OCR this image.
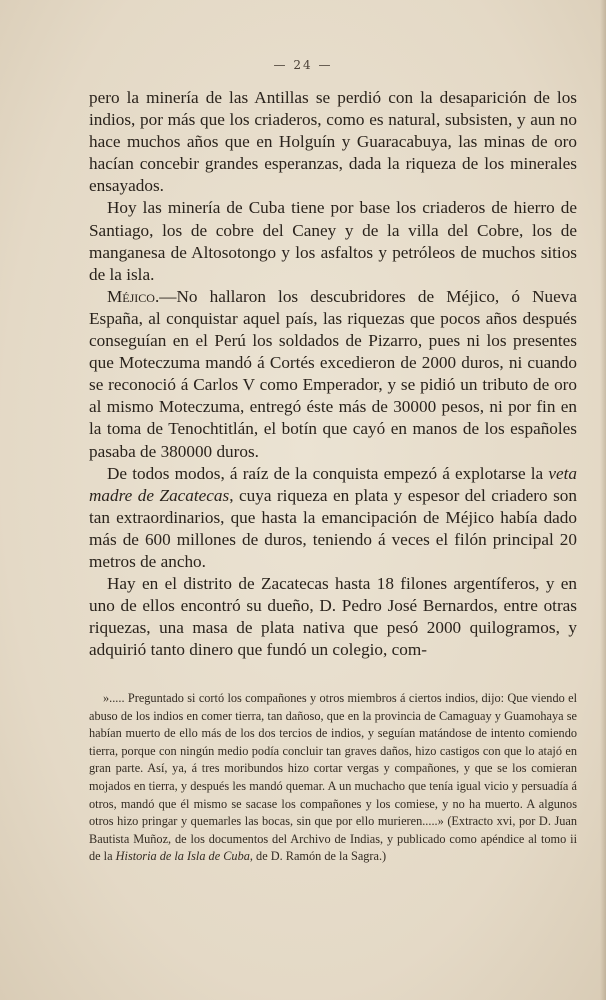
— 24 —

pero la minería de las Antillas se perdió con la desaparición de los indios, por más que los criaderos, como es natural, subsisten, y aun no hace muchos años que en Holguín y Guaracabuya, las minas de oro hacían concebir grandes esperanzas, dada la riqueza de los minerales ensayados.

Hoy las minería de Cuba tiene por base los criaderos de hierro de Santiago, los de cobre del Caney y de la villa del Cobre, los de manganesa de Altosotongo y los asfaltos y petróleos de muchos sitios de la isla.

Méjico.—No hallaron los descubridores de Méjico, ó Nueva España, al conquistar aquel país, las riquezas que pocos años después conseguían en el Perú los soldados de Pizarro, pues ni los presentes que Moteczuma mandó á Cortés excedieron de 2000 duros, ni cuando se reconoció á Carlos V como Emperador, y se pidió un tributo de oro al mismo Moteczuma, entregó éste más de 30000 pesos, ni por fin en la toma de Tenochtitlán, el botín que cayó en manos de los españoles pasaba de 380000 duros.

De todos modos, á raíz de la conquista empezó á explotarse la veta madre de Zacatecas, cuya riqueza en plata y espesor del criadero son tan extraordinarios, que hasta la emancipación de Méjico había dado más de 600 millones de duros, teniendo á veces el filón principal 20 metros de ancho.

Hay en el distrito de Zacatecas hasta 18 filones argentíferos, y en uno de ellos encontró su dueño, D. Pedro José Bernardos, entre otras riquezas, una masa de plata nativa que pesó 2000 quilogramos, y adquirió tanto dinero que fundó un colegio, com-

»..... Preguntado si cortó los compañones y otros miembros á ciertos indios, dijo: Que viendo el abuso de los indios en comer tierra, tan dañoso, que en la provincia de Camaguay y Guamohaya se habían muerto de ello más de los dos tercios de indios, y seguían matándose de intento comiendo tierra, porque con ningún medio podía concluir tan graves daños, hizo castigos con que lo atajó en gran parte. Así, ya, á tres moribundos hizo cortar vergas y compañones, y que se los comieran mojados en tierra, y después les mandó quemar. A un muchacho que tenía igual vicio y persuadía á otros, mandó que él mismo se sacase los compañones y los comiese, y no ha muerto. A algunos otros hizo pringar y quemarles las bocas, sin que por ello murieren.....» (Extracto xvi, por D. Juan Bautista Muñoz, de los documentos del Archivo de Indias, y publicado como apéndice al tomo ii de la Historia de la Isla de Cuba, de D. Ramón de la Sagra.)
